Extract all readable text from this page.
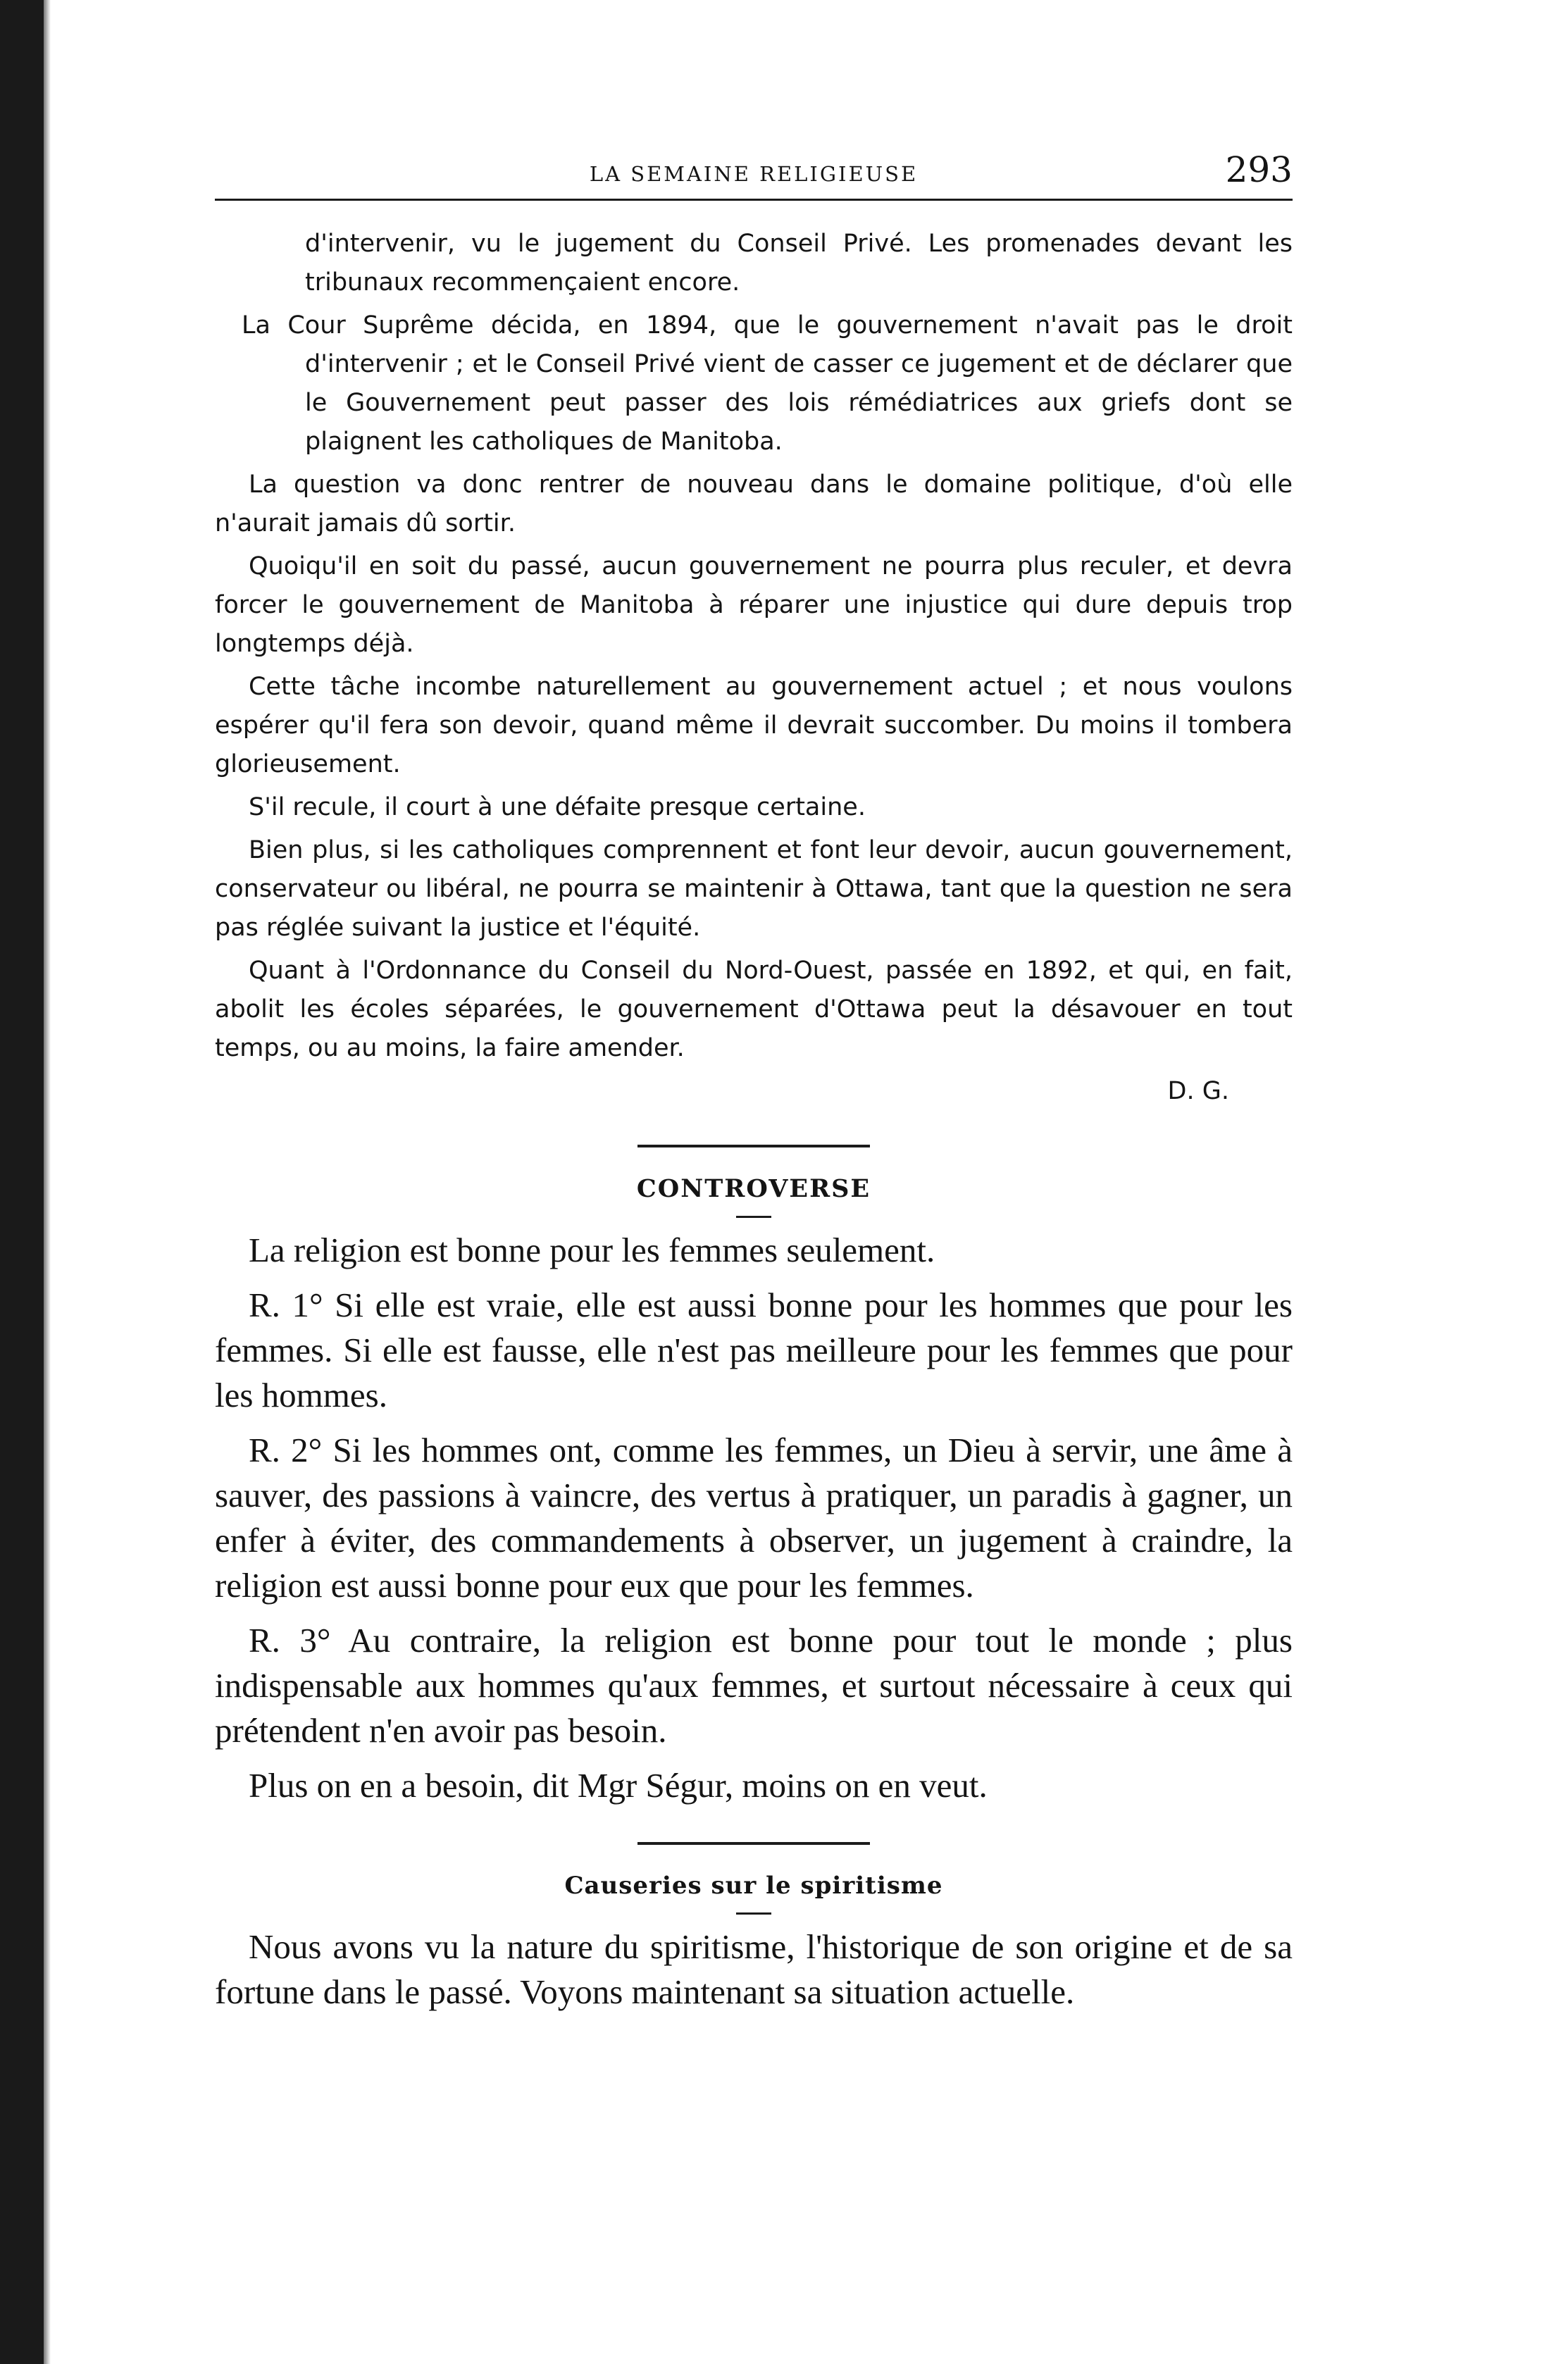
LA SEMAINE RELIGIEUSE	293

d'intervenir, vu le jugement du Conseil Privé. Les promenades devant les tribunaux recommençaient encore.

La Cour Suprême décida, en 1894, que le gouvernement n'avait pas le droit d'intervenir ; et le Conseil Privé vient de casser ce jugement et de déclarer que le Gouvernement peut passer des lois rémédiatrices aux griefs dont se plaignent les catholiques de Manitoba.

La question va donc rentrer de nouveau dans le domaine politique, d'où elle n'aurait jamais dû sortir.

Quoiqu'il en soit du passé, aucun gouvernement ne pourra plus reculer, et devra forcer le gouvernement de Manitoba à réparer une injustice qui dure depuis trop longtemps déjà.

Cette tâche incombe naturellement au gouvernement actuel ; et nous voulons espérer qu'il fera son devoir, quand même il devrait succomber. Du moins il tombera glorieusement.

S'il recule, il court à une défaite presque certaine.

Bien plus, si les catholiques comprennent et font leur devoir, aucun gouvernement, conservateur ou libéral, ne pourra se maintenir à Ottawa, tant que la question ne sera pas réglée suivant la justice et l'équité.

Quant à l'Ordonnance du Conseil du Nord-Ouest, passée en 1892, et qui, en fait, abolit les écoles séparées, le gouvernement d'Ottawa peut la désavouer en tout temps, ou au moins, la faire amender.

D. G.
CONTROVERSE

La religion est bonne pour les femmes seulement.

R. 1° Si elle est vraie, elle est aussi bonne pour les hommes que pour les femmes. Si elle est fausse, elle n'est pas meilleure pour les femmes que pour les hommes.

R. 2° Si les hommes ont, comme les femmes, un Dieu à servir, une âme à sauver, des passions à vaincre, des vertus à pratiquer, un paradis à gagner, un enfer à éviter, des commandements à observer, un jugement à craindre, la religion est aussi bonne pour eux que pour les femmes.

R. 3° Au contraire, la religion est bonne pour tout le monde ; plus indispensable aux hommes qu'aux femmes, et surtout nécessaire à ceux qui prétendent n'en avoir pas besoin.

Plus on en a besoin, dit Mgr Ségur, moins on en veut.

Causeries sur le spiritisme

Nous avons vu la nature du spiritisme, l'historique de son origine et de sa fortune dans le passé. Voyons maintenant sa situation actuelle.
